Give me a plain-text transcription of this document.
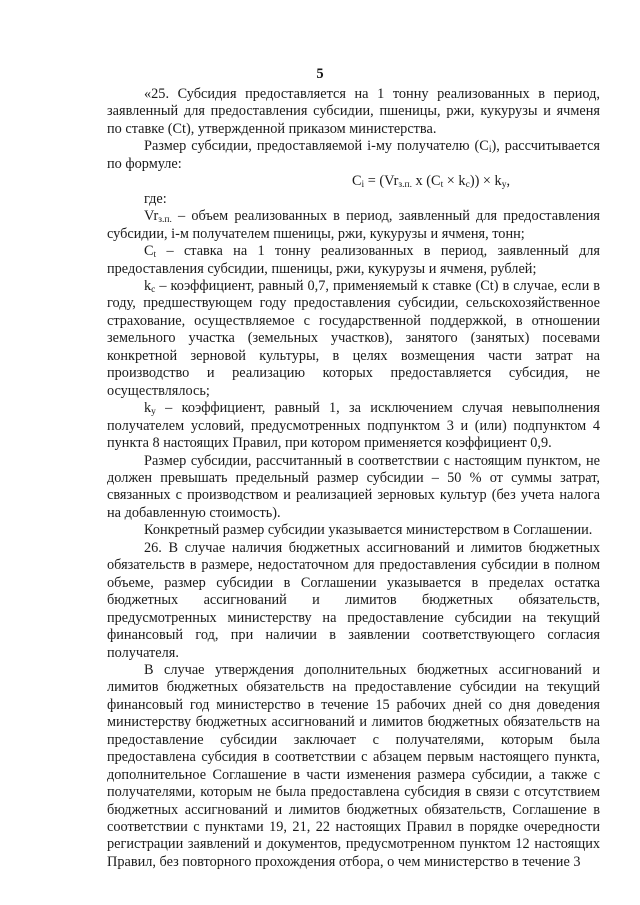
5

«25. Субсидия предоставляется на 1 тонну реализованных в период, заявленный для предоставления субсидии, пшеницы, ржи, кукурузы и ячменя по ставке (Ct), утвержденной приказом министерства.

Размер субсидии, предоставляемой i-му получателю $(C_i)$, рассчитывается по формуле:

$C_i = (Vr_{з.п.}$ x $(C_t \times k_c)) \times k_y$,

где:

$Vr_{з.п.}$ – объем реализованных в период, заявленный для предоставления субсидии, i-м получателем пшеницы, ржи, кукурузы и ячменя, тонн;

$C_t$ – ставка на 1 тонну реализованных в период, заявленный для предоставления субсидии, пшеницы, ржи, кукурузы и ячменя, рублей;

$k_c$ – коэффициент, равный 0,7, применяемый к ставке (Ct) в случае, если в году, предшествующем году предоставления субсидии, сельскохозяйственное страхование, осуществляемое с государственной поддержкой, в отношении земельного участка (земельных участков), занятого (занятых) посевами конкретной зерновой культуры, в целях возмещения части затрат на производство и реализацию которых предоставляется субсидия, не осуществлялось;

$k_y$ – коэффициент, равный 1, за исключением случая невыполнения получателем условий, предусмотренных подпунктом 3 и (или) подпунктом 4 пункта 8 настоящих Правил, при котором применяется коэффициент 0,9.

Размер субсидии, рассчитанный в соответствии с настоящим пунктом, не должен превышать предельный размер субсидии – 50 % от суммы затрат, связанных с производством и реализацией зерновых культур (без учета налога на добавленную стоимость).

Конкретный размер субсидии указывается министерством в Соглашении.

26. В случае наличия бюджетных ассигнований и лимитов бюджетных обязательств в размере, недостаточном для предоставления субсидии в полном объеме, размер субсидии в Соглашении указывается в пределах остатка бюджетных ассигнований и лимитов бюджетных обязательств, предусмотренных министерству на предоставление субсидии на текущий финансовый год, при наличии в заявлении соответствующего согласия получателя.

В случае утверждения дополнительных бюджетных ассигнований и лимитов бюджетных обязательств на предоставление субсидии на текущий финансовый год министерство в течение 15 рабочих дней со дня доведения министерству бюджетных ассигнований и лимитов бюджетных обязательств на предоставление субсидии заключает с получателями, которым была предоставлена субсидия в соответствии с абзацем первым настоящего пункта, дополнительное Соглашение в части изменения размера субсидии, а также с получателями, которым не была предоставлена субсидия в связи с отсутствием бюджетных ассигнований и лимитов бюджетных обязательств, Соглашение в соответствии с пунктами 19, 21, 22 настоящих Правил в порядке очередности регистрации заявлений и документов, предусмотренном пунктом 12 настоящих Правил, без повторного прохождения отбора, о чем министерство в течение 3
